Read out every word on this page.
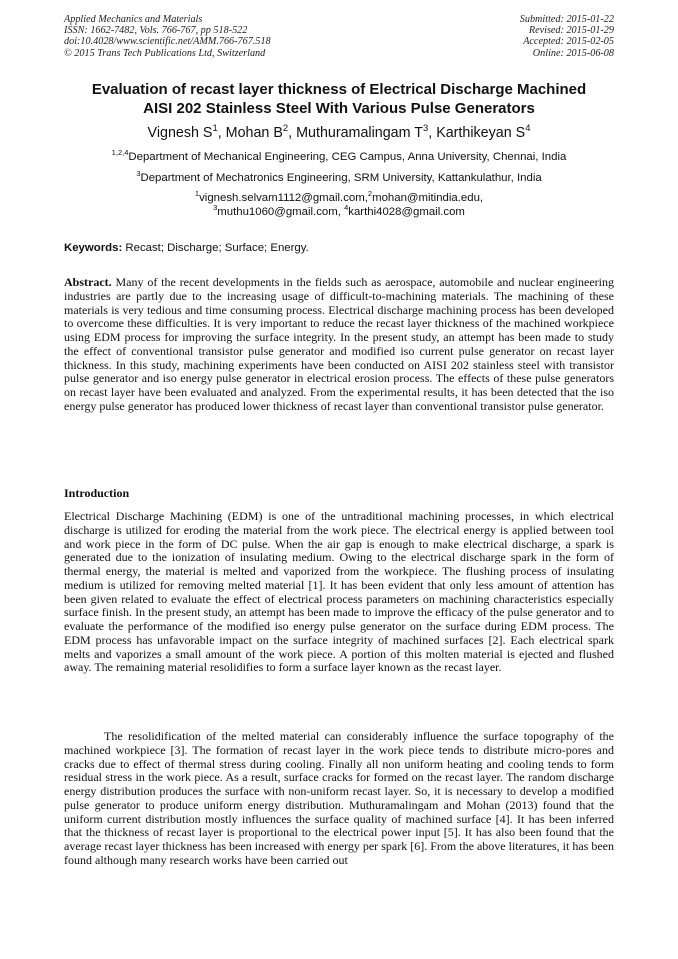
Applied Mechanics and Materials
ISSN: 1662-7482, Vols. 766-767, pp 518-522
doi:10.4028/www.scientific.net/AMM.766-767.518
© 2015 Trans Tech Publications Ltd, Switzerland
Submitted: 2015-01-22
Revised: 2015-01-29
Accepted: 2015-02-05
Online: 2015-06-08
Evaluation of recast layer thickness of Electrical Discharge Machined
AISI 202 Stainless Steel With Various Pulse Generators
Vignesh $S^1$, Mohan $B^2$, Muthuramalingam $T^3$, Karthikeyan $S^4$
$^{1,2,4}$Department of Mechanical Engineering, CEG Campus, Anna University, Chennai, India
$^3$Department of Mechatronics Engineering, SRM University, Kattankulathur, India
$^1$vignesh.selvam1112@gmail.com,$^2$mohan@mitindia.edu,
$^3$muthu1060@gmail.com, $^4$karthi4028@gmail.com
Keywords: Recast; Discharge; Surface; Energy.

Abstract. Many of the recent developments in the fields such as aerospace, automobile and nuclear engineering industries are partly due to the increasing usage of difficult-to-machining materials. The machining of these materials is very tedious and time consuming process. Electrical discharge machining process has been developed to overcome these difficulties. It is very important to reduce the recast layer thickness of the machined workpiece using EDM process for improving the surface integrity. In the present study, an attempt has been made to study the effect of conventional transistor pulse generator and modified iso current pulse generator on recast layer thickness. In this study, machining experiments have been conducted on AISI 202 stainless steel with transistor pulse generator and iso energy pulse generator in electrical erosion process. The effects of these pulse generators on recast layer have been evaluated and analyzed. From the experimental results, it has been detected that the iso energy pulse generator has produced lower thickness of recast layer than conventional transistor pulse generator.

Introduction

Electrical Discharge Machining (EDM) is one of the untraditional machining processes, in which electrical discharge is utilized for eroding the material from the work piece. The electrical energy is applied between tool and work piece in the form of DC pulse. When the air gap is enough to make electrical discharge, a spark is generated due to the ionization of insulating medium. Owing to the electrical discharge spark in the form of thermal energy, the material is melted and vaporized from the workpiece. The flushing process of insulating medium is utilized for removing melted material [1]. It has been evident that only less amount of attention has been given related to evaluate the effect of electrical process parameters on machining characteristics especially surface finish. In the present study, an attempt has been made to improve the efficacy of the pulse generator and to evaluate the performance of the modified iso energy pulse generator on the surface during EDM process. The EDM process has unfavorable impact on the surface integrity of machined surfaces [2]. Each electrical spark melts and vaporizes a small amount of the work piece. A portion of this molten material is ejected and flushed away. The remaining material resolidifies to form a surface layer known as the recast layer.

The resolidification of the melted material can considerably influence the surface topography of the machined workpiece [3]. The formation of recast layer in the work piece tends to distribute micro-pores and cracks due to effect of thermal stress during cooling. Finally all non uniform heating and cooling tends to form residual stress in the work piece. As a result, surface cracks for formed on the recast layer. The random discharge energy distribution produces the surface with non-uniform recast layer. So, it is necessary to develop a modified pulse generator to produce uniform energy distribution. Muthuramalingam and Mohan (2013) found that the uniform current distribution mostly influences the surface quality of machined surface [4]. It has been inferred that the thickness of recast layer is proportional to the electrical power input [5]. It has also been found that the average recast layer thickness has been increased with energy per spark [6]. From the above literatures, it has been found although many research works have been carried out
